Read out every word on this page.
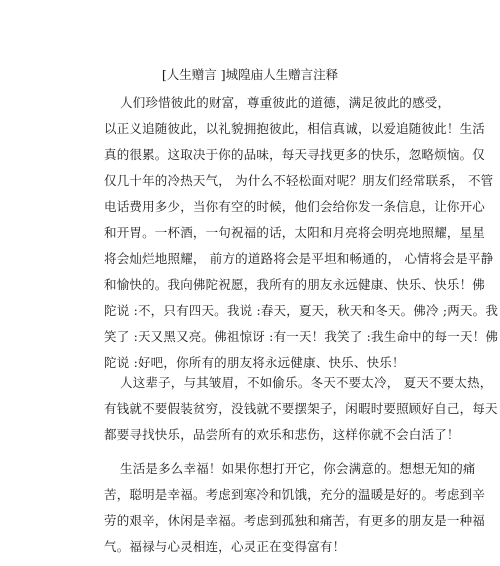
[人生赠言 ]城隍庙人生赠言注释
人们珍惜彼此的财富，尊重彼此的道德，满足彼此的感受，
以正义追随彼此，以礼貌拥抱彼此，相信真诚，以爱追随彼此！生活
真的很累。这取决于你的品味，每天寻找更多的快乐，忽略烦恼。仅
仅几十年的冷热天气， 为什么不轻松面对呢？朋友们经常联系， 不管
电话费用多少，当你有空的时候，他们会给你发一条信息，让你开心
和开胃。一杯酒，一句祝福的话，太阳和月亮将会明亮地照耀，星星
将会灿烂地照耀， 前方的道路将会是平坦和畅通的， 心情将会是平静
和愉快的。我向佛陀祝愿，我所有的朋友永远健康、快乐、快乐！佛
陀说 :不，只有四天。我说 :春天，夏天，秋天和冬天。佛冷 ;两天。我
笑了 :天又黑又亮。佛祖惊讶 :有一天！我笑了 :我生命中的每一天！佛
陀说 :好吧，你所有的朋友将永远健康、快乐、快乐！
人这辈子，与其皱眉，不如偷乐。冬天不要太冷， 夏天不要太热，
有钱就不要假装贫穷，没钱就不要摆架子，闲暇时要照顾好自己，每天
都要寻找快乐，品尝所有的欢乐和悲伤，这样你就不会白活了！
生活是多么幸福！如果你想打开它，你会满意的。想想无知的痛
苦，聪明是幸福。考虑到寒冷和饥饿，充分的温暖是好的。考虑到辛
劳的艰辛，休闲是幸福。考虑到孤独和痛苦，有更多的朋友是一种福
气。福禄与心灵相连，心灵正在变得富有！
